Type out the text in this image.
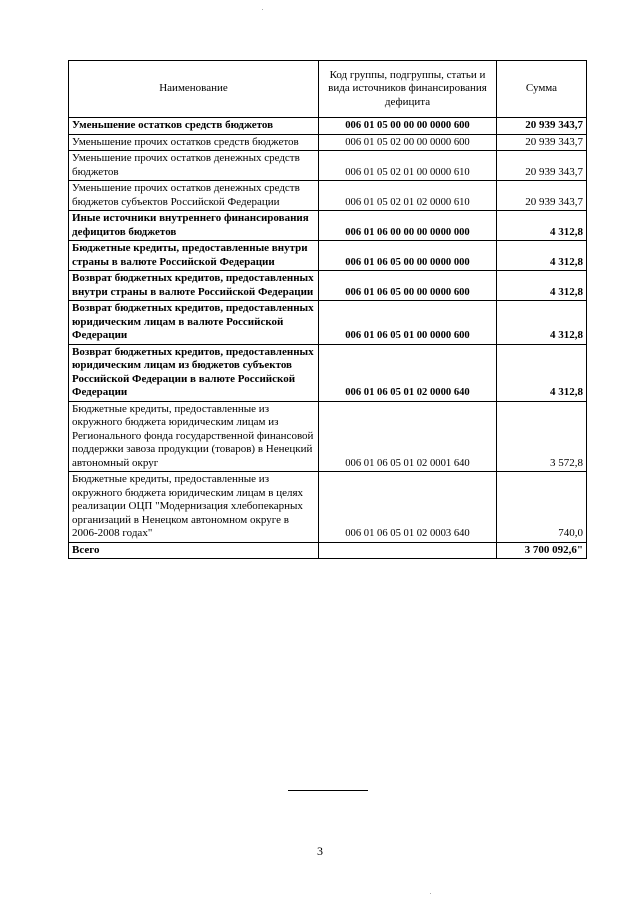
Наименование	Код группы, подгруппы, статьи и вида источников финансирования дефицита	Сумма
Уменьшение остатков средств бюджетов	006 01 05 00 00 00 0000 600	20 939 343,7
Уменьшение прочих остатков средств бюджетов	006 01 05 02 00 00 0000 600	20 939 343,7
Уменьшение прочих остатков денежных средств бюджетов	006 01 05 02 01 00 0000 610	20 939 343,7
Уменьшение прочих остатков денежных средств бюджетов субъектов Российской Федерации	006 01 05 02 01 02 0000 610	20 939 343,7
Иные источники внутреннего финансирования дефицитов бюджетов	006 01 06 00 00 00 0000 000	4 312,8
Бюджетные кредиты, предоставленные внутри страны в валюте Российской Федерации	006 01 06 05 00 00 0000 000	4 312,8
Возврат бюджетных кредитов, предоставленных внутри страны в валюте Российской Федерации	006 01 06 05 00 00 0000 600	4 312,8
Возврат бюджетных кредитов, предоставленных юридическим лицам в валюте Российской Федерации	006 01 06 05 01 00 0000 600	4 312,8
Возврат бюджетных кредитов, предоставленных юридическим лицам из бюджетов субъектов Российской Федерации в валюте Российской Федерации	006 01 06 05 01 02 0000 640	4 312,8
Бюджетные кредиты, предоставленные из окружного бюджета юридическим лицам из Регионального фонда государственной финансовой поддержки завоза продукции (товаров) в Ненецкий автономный округ	006 01 06 05 01 02 0001 640	3 572,8
Бюджетные кредиты, предоставленные из окружного бюджета юридическим лицам в целях реализации ОЦП "Модернизация хлебопекарных организаций в Ненецком автономном округе в 2006-2008 годах"	006 01 06 05 01 02 0003 640	740,0
Всего		3 700 092,6"
3
